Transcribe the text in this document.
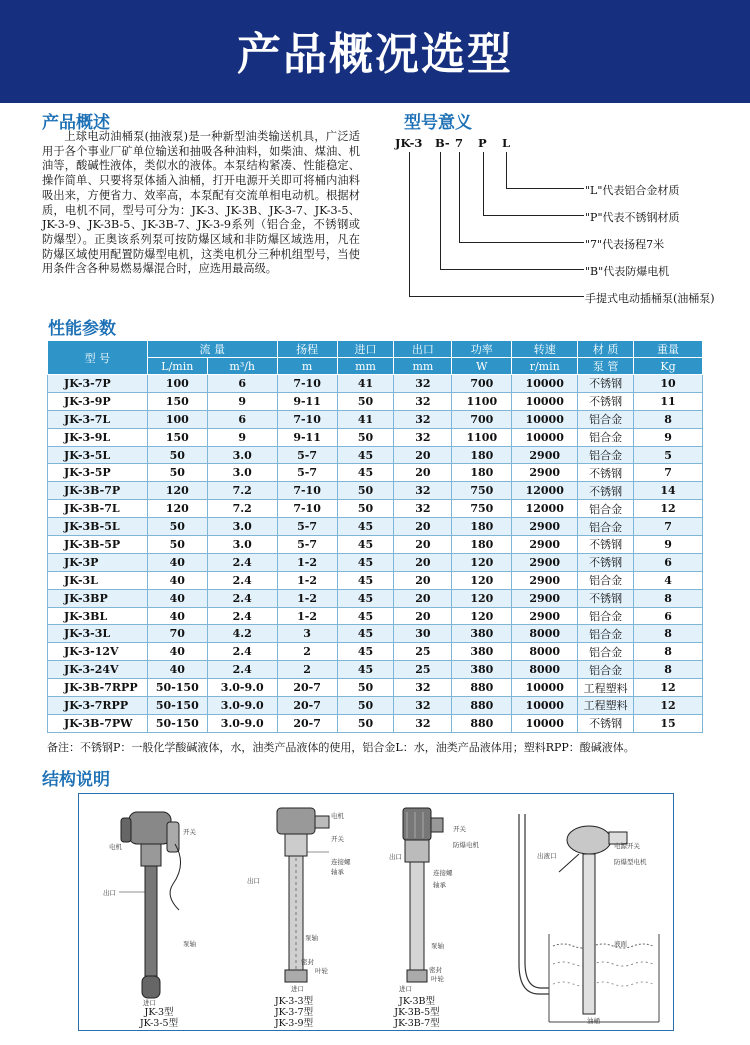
产品概况选型
产品概述

上球电动油桶泵(抽液泵)是一种新型油类输送机具，广泛适用于各个事业厂矿单位输送和抽吸各种油料，如柴油、煤油、机油等，酸碱性液体，类似水的液体。本泵结构紧凑、性能稳定、操作简单、只要将泵体插入油桶，打开电源开关即可将桶内油料吸出来，方便省力、效率高，本泵配有交流单相电动机。根据材质，电机不同，型号可分为：JK-3、JK-3B、JK-3-7、JK-3-5、JK-3-9、JK-3B-5、JK-3B-7、JK-3-9系列（铝合金，不锈钢或防爆型）。正奥该系列泵可按防爆区域和非防爆区域选用，凡在防爆区域使用配置防爆型电机，这类电机分三种机组型号，当使用条件含各种易燃易爆混合时，应选用最高级。

型号意义
JK-3 B- 7 P L
"L"代表铝合金材质
"P"代表不锈钢材质
"7"代表扬程7米
"B"代表防爆电机
手提式电动插桶泵(油桶泵)
性能参数
型 号	流 量		扬程	进口	出口	功率	转速	材 质	重量
	L/min	m³/h	m	mm	mm	W	r/min	泵 管	Kg
JK-3-7P	100	6	7-10	41	32	700	10000	不锈钢	10
JK-3-9P	150	9	9-11	50	32	1100	10000	不锈钢	11
JK-3-7L	100	6	7-10	41	32	700	10000	铝合金	8
JK-3-9L	150	9	9-11	50	32	1100	10000	铝合金	9
JK-3-5L	50	3.0	5-7	45	20	180	2900	铝合金	5
JK-3-5P	50	3.0	5-7	45	20	180	2900	不锈钢	7
JK-3B-7P	120	7.2	7-10	50	32	750	12000	不锈钢	14
JK-3B-7L	120	7.2	7-10	50	32	750	12000	铝合金	12
JK-3B-5L	50	3.0	5-7	45	20	180	2900	铝合金	7
JK-3B-5P	50	3.0	5-7	45	20	180	2900	不锈钢	9
JK-3P	40	2.4	1-2	45	20	120	2900	不锈钢	6
JK-3L	40	2.4	1-2	45	20	120	2900	铝合金	4
JK-3BP	40	2.4	1-2	45	20	120	2900	不锈钢	8
JK-3BL	40	2.4	1-2	45	20	120	2900	铝合金	6
JK-3-3L	70	4.2	3	45	30	380	8000	铝合金	8
JK-3-12V	40	2.4	2	45	25	380	8000	铝合金	8
JK-3-24V	40	2.4	2	45	25	380	8000	铝合金	8
JK-3B-7RPP	50-150	3.0-9.0	20-7	50	32	880	10000	工程塑料	12
JK-3-7RPP	50-150	3.0-9.0	20-7	50	32	880	10000	工程塑料	12
JK-3B-7PW	50-150	3.0-9.0	20-7	50	32	880	10000	不锈钢	15
备注：不锈钢P：一般化学酸碱液体，水，油类产品液体的使用，铝合金L：水，油类产品液体用；塑料RPP：酸碱液体。
结构说明
开关
电机
出口
泵轴
进口
JK-3型
JK-3-5型
电机
开关
连接螺
轴承
出口
泵轴
密封
叶轮
进口
JK-3-3型
JK-3-7型
JK-3-9型
开关
防爆电机
出口
连接螺
轴承
泵轴
密封
叶轮
进口
JK-3B型
JK-3B-5型
JK-3B-7型
电源开关
出液口
防爆型电机
液面
油桶
